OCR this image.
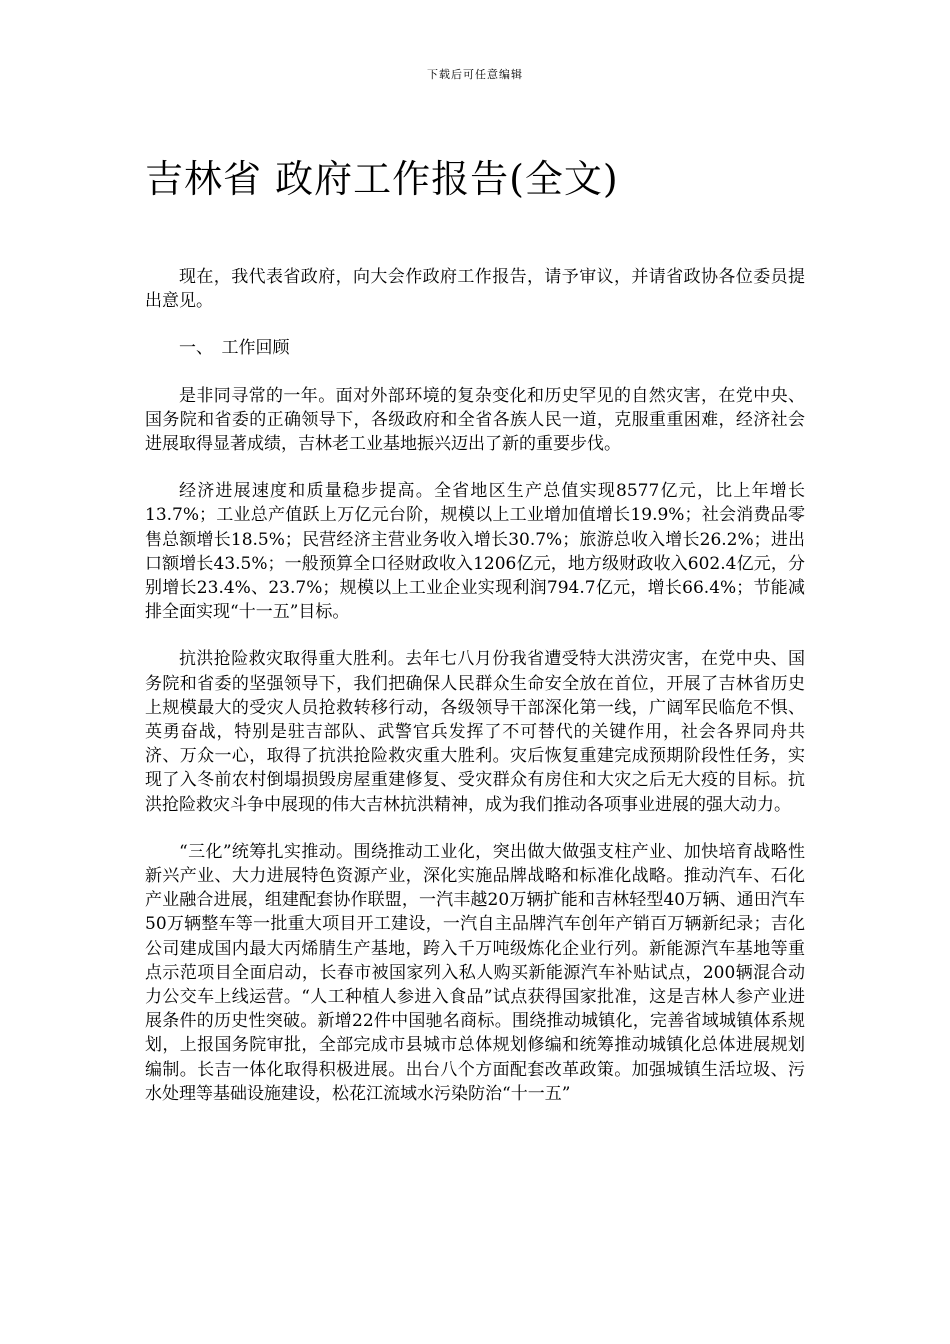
下载后可任意编辑
吉林省 政府工作报告(全文)

现在，我代表省政府，向大会作政府工作报告，请予审议，并请省政协各位委员提出意见。

一、　工作回顾

是非同寻常的一年。面对外部环境的复杂变化和历史罕见的自然灾害，在党中央、国务院和省委的正确领导下，各级政府和全省各族人民一道，克服重重困难，经济社会进展取得显著成绩，吉林老工业基地振兴迈出了新的重要步伐。

经济进展速度和质量稳步提高。全省地区生产总值实现8577亿元，比上年增长13.7%；工业总产值跃上万亿元台阶，规模以上工业增加值增长19.9%；社会消费品零售总额增长18.5%；民营经济主营业务收入增长30.7%；旅游总收入增长26.2%；进出口额增长43.5%；一般预算全口径财政收入1206亿元，地方级财政收入602.4亿元，分别增长23.4%、23.7%；规模以上工业企业实现利润794.7亿元，增长66.4%；节能减排全面实现“十一五”目标。

抗洪抢险救灾取得重大胜利。去年七八月份我省遭受特大洪涝灾害，在党中央、国务院和省委的坚强领导下，我们把确保人民群众生命安全放在首位，开展了吉林省历史上规模最大的受灾人员抢救转移行动，各级领导干部深化第一线，广阔军民临危不惧、英勇奋战，特别是驻吉部队、武警官兵发挥了不可替代的关键作用，社会各界同舟共济、万众一心，取得了抗洪抢险救灾重大胜利。灾后恢复重建完成预期阶段性任务，实现了入冬前农村倒塌损毁房屋重建修复、受灾群众有房住和大灾之后无大疫的目标。抗洪抢险救灾斗争中展现的伟大吉林抗洪精神，成为我们推动各项事业进展的强大动力。

“三化”统筹扎实推动。围绕推动工业化，突出做大做强支柱产业、加快培育战略性新兴产业、大力进展特色资源产业，深化实施品牌战略和标准化战略。推动汽车、石化产业融合进展，组建配套协作联盟，一汽丰越20万辆扩能和吉林轻型40万辆、通田汽车50万辆整车等一批重大项目开工建设，一汽自主品牌汽车创年产销百万辆新纪录；吉化公司建成国内最大丙烯腈生产基地，跨入千万吨级炼化企业行列。新能源汽车基地等重点示范项目全面启动，长春市被国家列入私人购买新能源汽车补贴试点，200辆混合动力公交车上线运营。“人工种植人参进入食品”试点获得国家批准，这是吉林人参产业进展条件的历史性突破。新增22件中国驰名商标。围绕推动城镇化，完善省域城镇体系规划，上报国务院审批，全部完成市县城市总体规划修编和统筹推动城镇化总体进展规划编制。长吉一体化取得积极进展。出台八个方面配套改革政策。加强城镇生活垃圾、污水处理等基础设施建设，松花江流域水污染防治“十一五”
